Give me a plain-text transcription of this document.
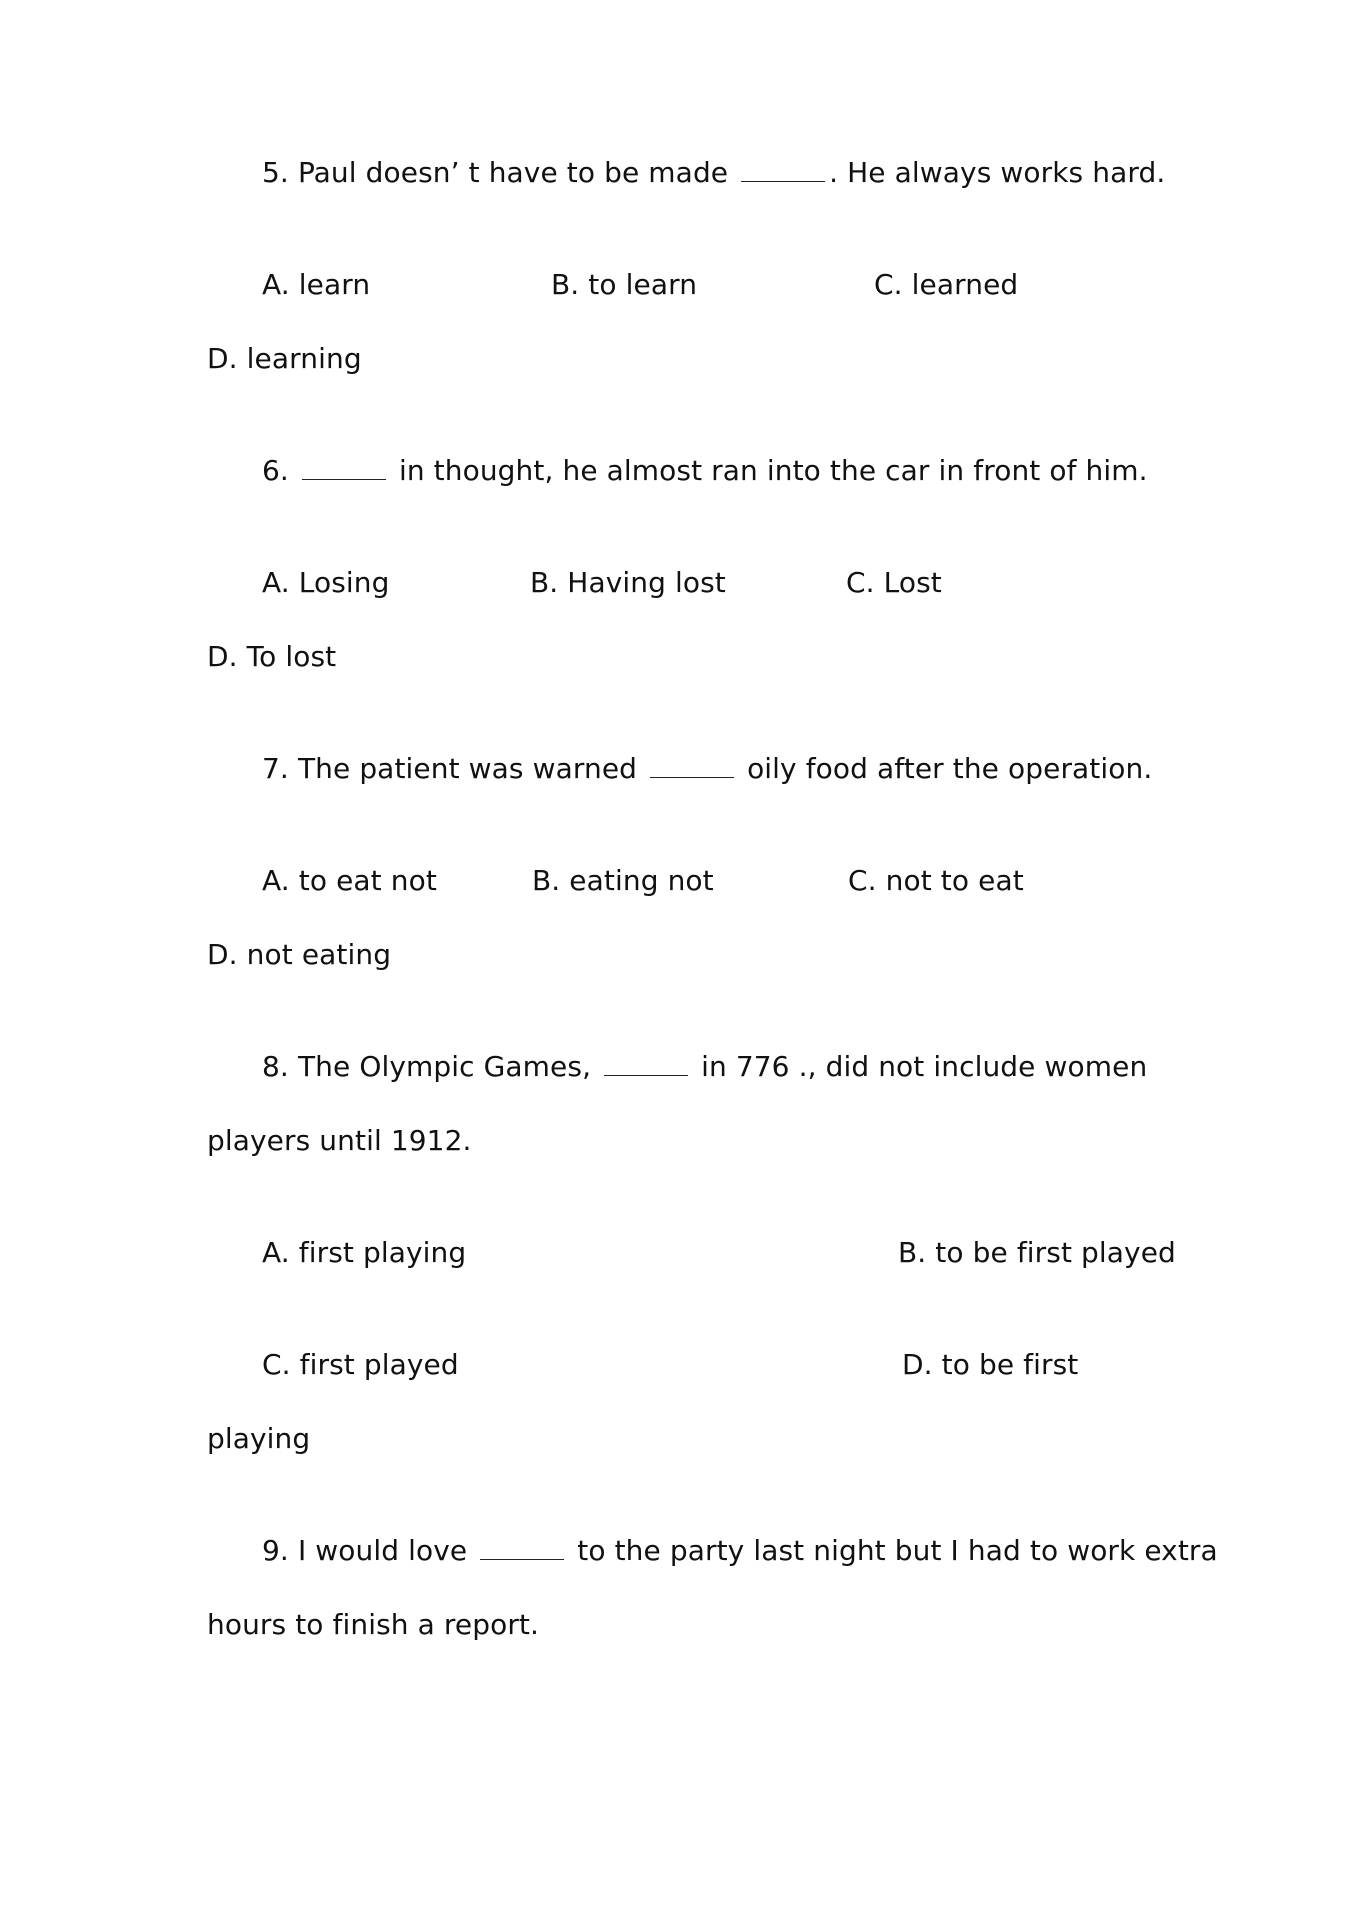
5. Paul doesn’ t have to be made	. He always works hard.
A. learn	B. to learn	C. learned
D. learning
6.	in thought, he almost ran into the car in front of him.
A. Losing	B. Having lost	C. Lost
D. To lost
7. The patient was warned	oily food after the operation.
A. to eat not	B. eating not	C. not to eat
D. not eating
8. The Olympic Games,	in 776 ., did not include women
players until 1912.
A. first playing	B. to be first played
C. first played	D. to be first
playing
9. I would love	to the party last night but I had to work extra
hours to finish a report.
